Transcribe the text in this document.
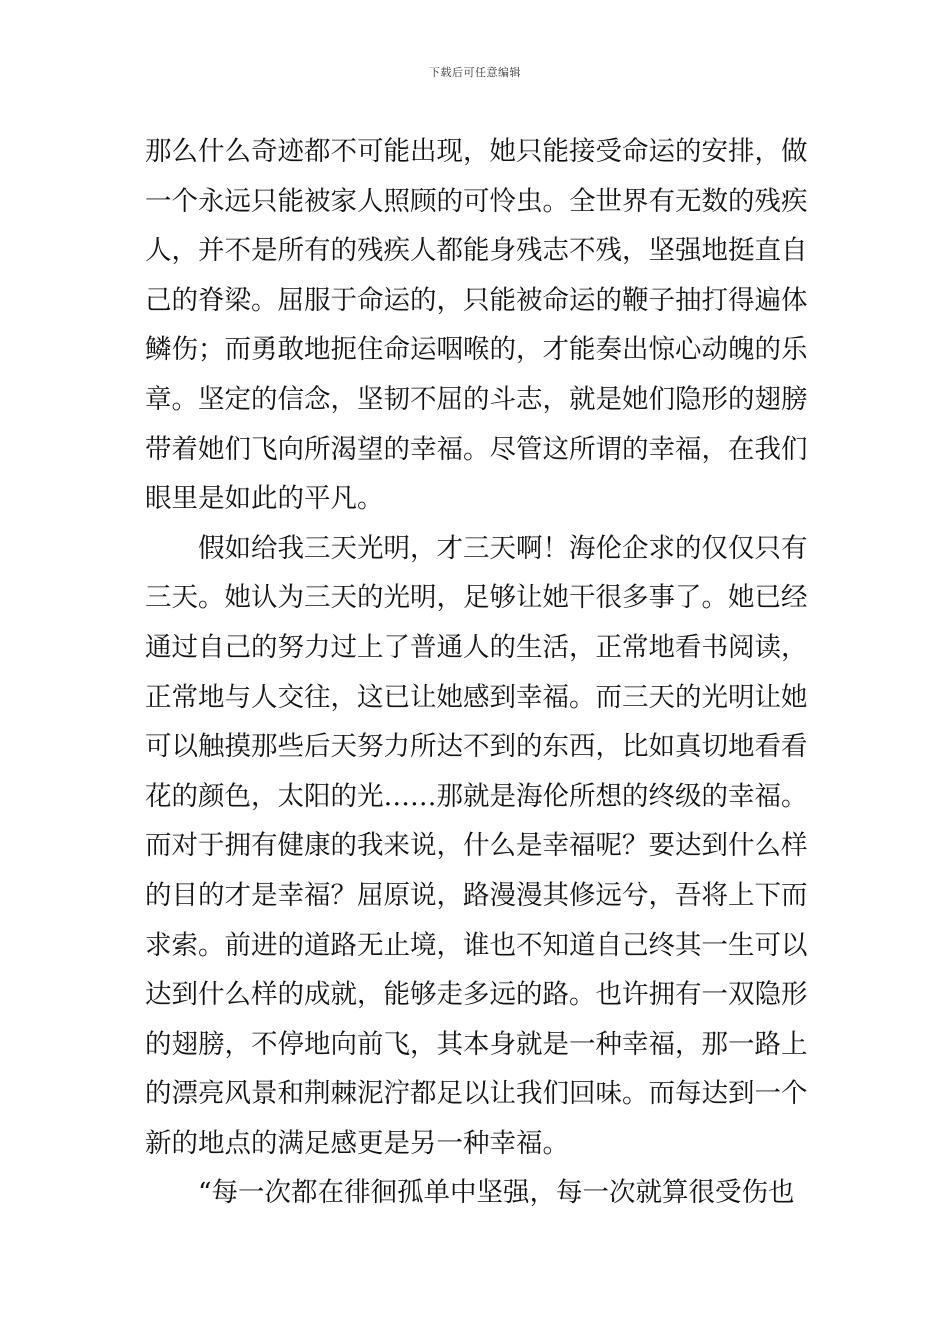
下载后可任意编辑
那么什么奇迹都不可能出现，她只能接受命运的安排，做
一个永远只能被家人照顾的可怜虫。全世界有无数的残疾
人，并不是所有的残疾人都能身残志不残，坚强地挺直自
己的脊梁。屈服于命运的，只能被命运的鞭子抽打得遍体
鳞伤；而勇敢地扼住命运咽喉的，才能奏出惊心动魄的乐
章。坚定的信念，坚韧不屈的斗志，就是她们隐形的翅膀
带着她们飞向所渴望的幸福。尽管这所谓的幸福，在我们
眼里是如此的平凡。
假如给我三天光明，才三天啊！海伦企求的仅仅只有
三天。她认为三天的光明，足够让她干很多事了。她已经
通过自己的努力过上了普通人的生活，正常地看书阅读，
正常地与人交往，这已让她感到幸福。而三天的光明让她
可以触摸那些后天努力所达不到的东西，比如真切地看看
花的颜色，太阳的光……那就是海伦所想的终级的幸福。
而对于拥有健康的我来说，什么是幸福呢？要达到什么样
的目的才是幸福？屈原说，路漫漫其修远兮，吾将上下而
求索。前进的道路无止境，谁也不知道自己终其一生可以
达到什么样的成就，能够走多远的路。也许拥有一双隐形
的翅膀，不停地向前飞，其本身就是一种幸福，那一路上
的漂亮风景和荆棘泥泞都足以让我们回味。而每达到一个
新的地点的满足感更是另一种幸福。
“每一次都在徘徊孤单中坚强，每一次就算很受伤也
